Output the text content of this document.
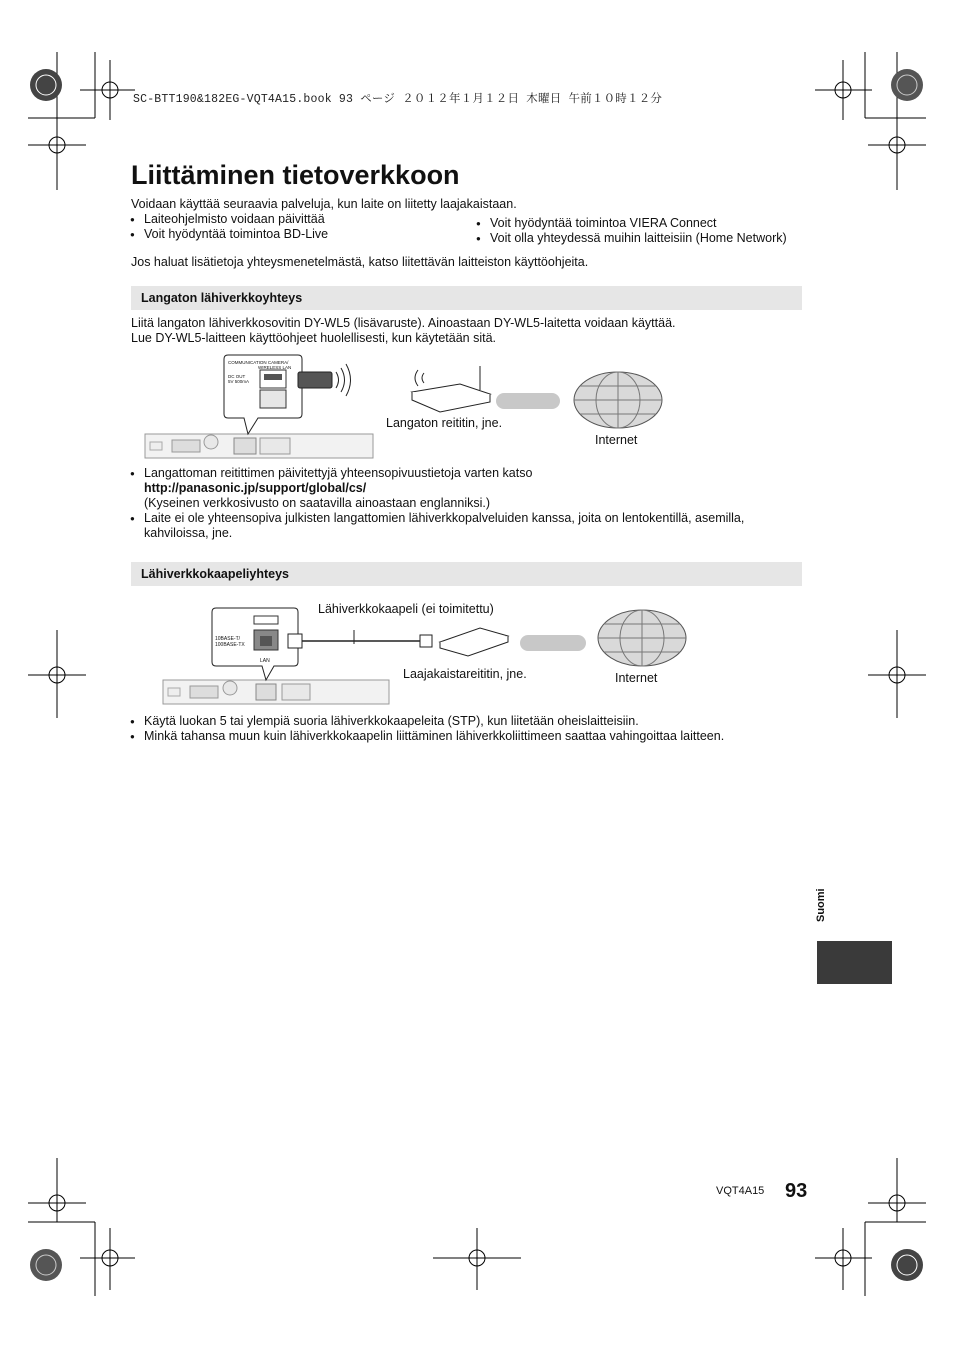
SC-BTT190&182EG-VQT4A15.book 93 ページ ２０１２年１月１２日 木曜日 午前１０時１２分
Liittäminen tietoverkkoon
Voidaan käyttää seuraavia palveluja, kun laite on liitetty laajakaistaan.
● Laiteohjelmisto voidaan päivittää
● Voit hyödyntää toimintoa BD-Live
● Voit hyödyntää toimintoa VIERA Connect
● Voit olla yhteydessä muihin laitteisiin (Home Network)
Jos haluat lisätietoja yhteysmenetelmästä, katso liitettävän laitteiston käyttöohjeita.
Langaton lähiverkkoyhteys
Liitä langaton lähiverkkosovitin DY-WL5 (lisävaruste). Ainoastaan DY-WL5-laitetta voidaan käyttää.
Lue DY-WL5-laitteen käyttöohjeet huolellisesti, kun käytetään sitä.
COMMUNICATION CAMERA/
WIRELESS LAN
DC OUT
5V 500mA
Langaton reititin, jne.
Internet
● Langattoman reitittimen päivitettyjä yhteensopivuustietoja varten katso
http://panasonic.jp/support/global/cs/
(Kyseinen verkkosivusto on saatavilla ainoastaan englanniksi.)
● Laite ei ole yhteensopiva julkisten langattomien lähiverkkopalveluiden kanssa, joita on lentokentillä, asemilla,
kahviloissa, jne.
Lähiverkkokaapeliyhteys
10BASE-T/
100BASE-TX
LAN
Lähiverkkokaapeli (ei toimitettu)
Laajakaistareititin, jne.	Internet
● Käytä luokan 5 tai ylempiä suoria lähiverkkokaapeleita (STP), kun liitetään oheislaitteisiin.
● Minkä tahansa muun kuin lähiverkkokaapelin liittäminen lähiverkkoliittimeen saattaa vahingoittaa laitteen.
Suomi
VQT4A15 93
